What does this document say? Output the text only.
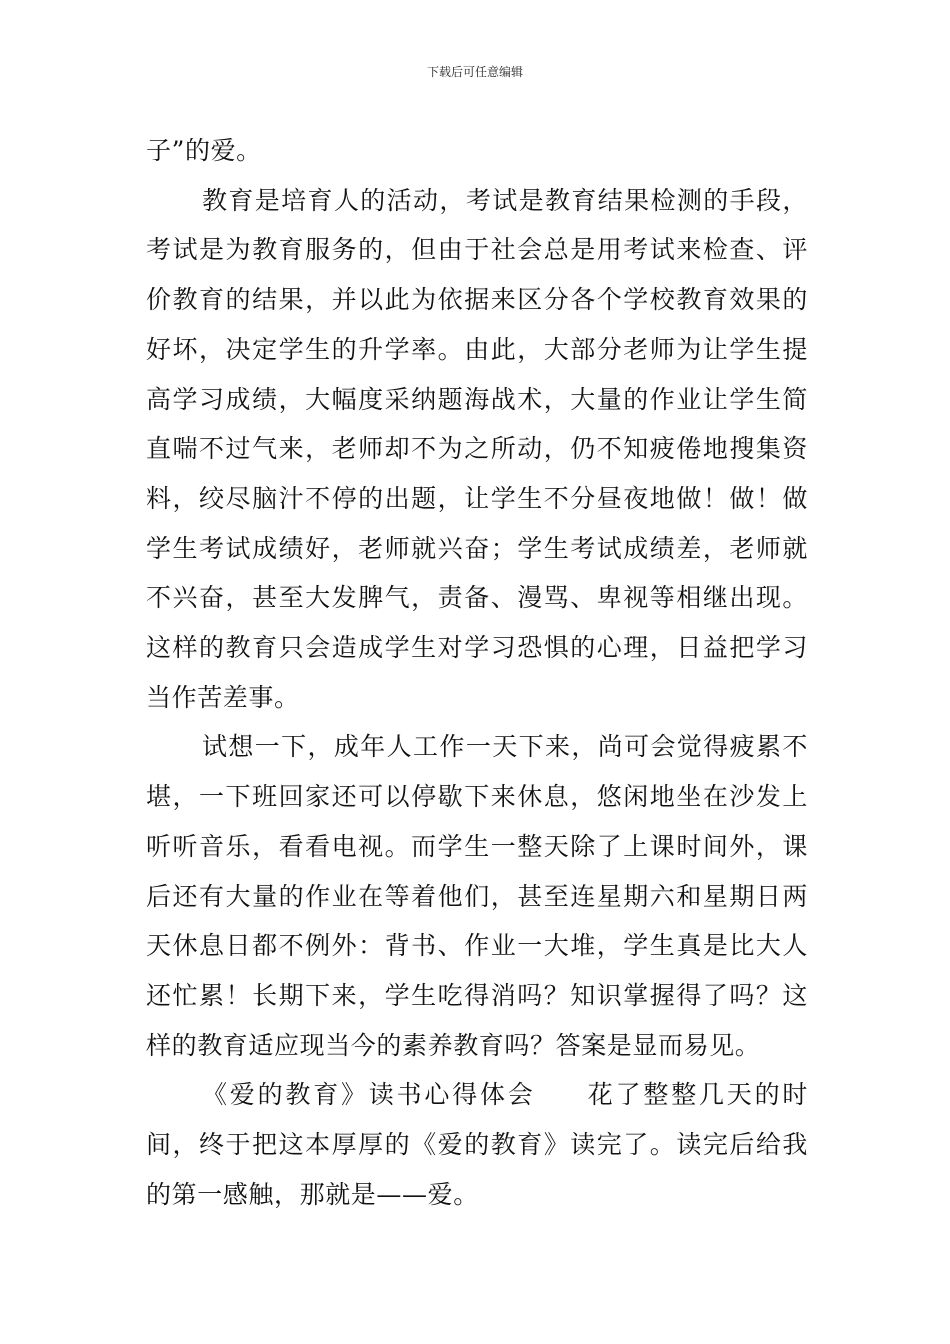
下载后可任意编辑

子”的爱。

教育是培育人的活动，考试是教育结果检测的手段，考试是为教育服务的，但由于社会总是用考试来检查、评价教育的结果，并以此为依据来区分各个学校教育效果的好坏，决定学生的升学率。由此，大部分老师为让学生提高学习成绩，大幅度采纳题海战术，大量的作业让学生简直喘不过气来，老师却不为之所动，仍不知疲倦地搜集资料，绞尽脑汁不停的出题，让学生不分昼夜地做！做！做学生考试成绩好，老师就兴奋；学生考试成绩差，老师就不兴奋，甚至大发脾气，责备、漫骂、卑视等相继出现。这样的教育只会造成学生对学习恐惧的心理，日益把学习当作苦差事。

试想一下，成年人工作一天下来，尚可会觉得疲累不堪，一下班回家还可以停歇下来休息，悠闲地坐在沙发上听听音乐，看看电视。而学生一整天除了上课时间外，课后还有大量的作业在等着他们，甚至连星期六和星期日两天休息日都不例外：背书、作业一大堆，学生真是比大人还忙累！长期下来，学生吃得消吗？知识掌握得了吗？这样的教育适应现当今的素养教育吗？答案是显而易见。

《爱的教育》读书心得体会 花了整整几天的时间，终于把这本厚厚的《爱的教育》读完了。读完后给我的第一感触，那就是——爱。
